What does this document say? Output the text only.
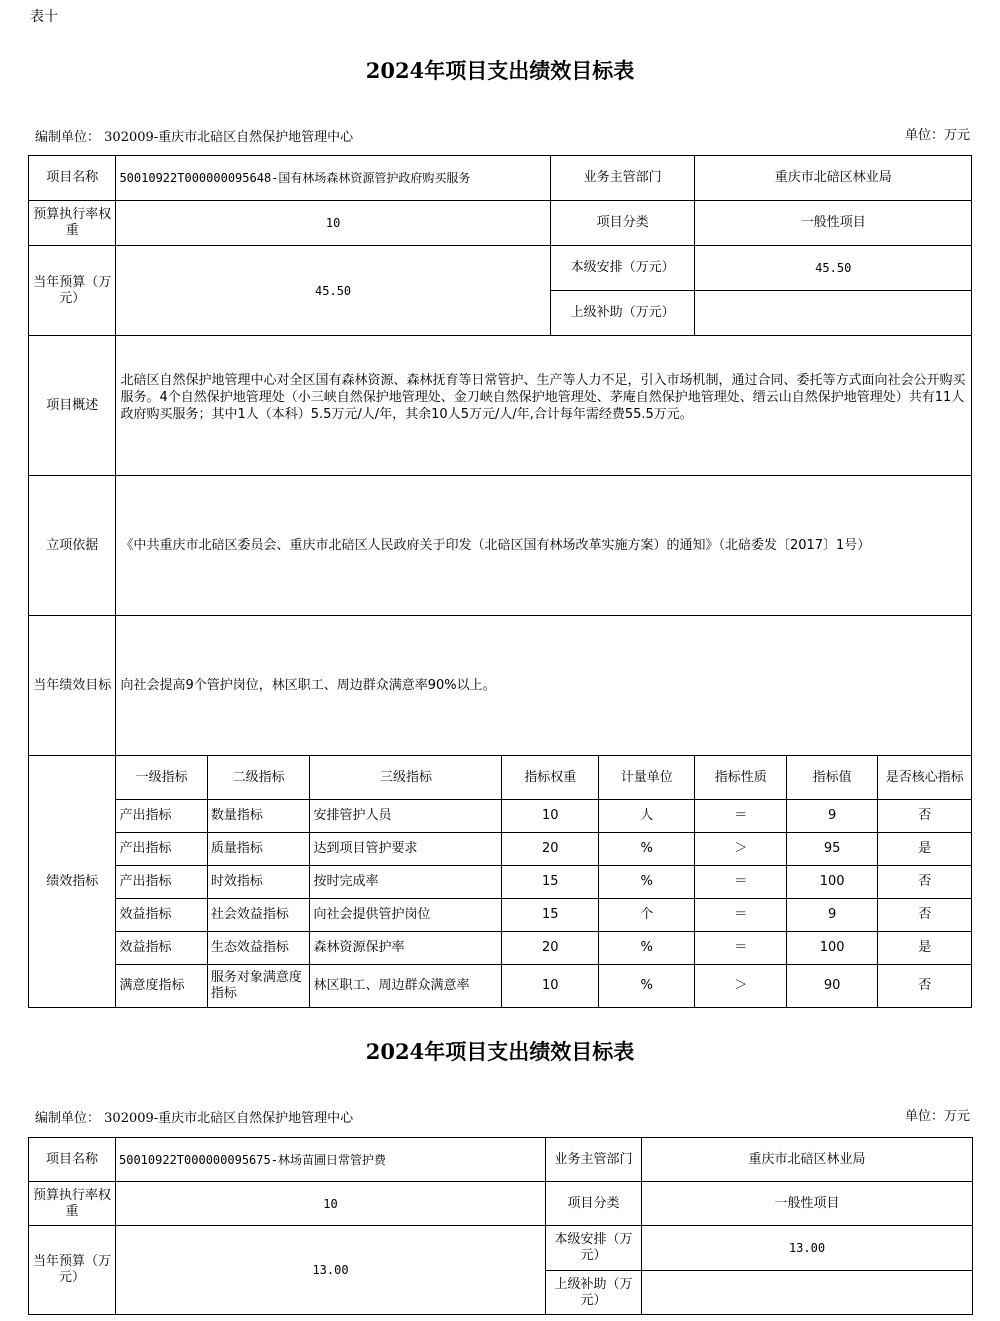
表十
2024年项目支出绩效目标表
编制单位： 302009-重庆市北碚区自然保护地管理中心	单位：万元
项目名称	50010922T000000095648-国有林场森林资源管护政府购买服务				业务主管部门		重庆市北碚区林业局		
预算执行率权重	10				项目分类		一般性项目		
当年预算（万元）	45.50				本级安排（万元）		45.50		
					上级补助（万元）				
项目概述	北碚区自然保护地管理中心对全区国有森林资源、森林抚育等日常管护、生产等人力不足，引入市场机制，通过合同、委托等方式面向社会公开购买服务。4个自然保护地管理处（小三峡自然保护地管理处、金刀峡自然保护地管理处、茅庵自然保护地管理处、缙云山自然保护地管理处）共有11人政府购买服务；其中1人（本科）5.5万元/人/年，其余10人5万元/人/年,合计每年需经费55.5万元。								
立项依据	《中共重庆市北碚区委员会、重庆市北碚区人民政府关于印发（北碚区国有林场改革实施方案）的通知》（北碚委发〔2017〕1号）								
当年绩效目标	向社会提高9个管护岗位，林区职工、周边群众满意率90%以上。								
绩效指标	一级指标	二级指标	三级指标	指标权重		计量单位	指标性质	指标值	是否核心指标
	产出指标	数量指标	安排管护人员	10		人	＝	9	否
	产出指标	质量指标	达到项目管护要求	20		%	＞	95	是
	产出指标	时效指标	按时完成率	15		%	＝	100	否
	效益指标	社会效益指标	向社会提供管护岗位	15		个	＝	9	否
	效益指标	生态效益指标	森林资源保护率	20		%	＝	100	是
	满意度指标	服务对象满意度指标	林区职工、周边群众满意率	10		%	＞	90	否
2024年项目支出绩效目标表
编制单位： 302009-重庆市北碚区自然保护地管理中心	单位：万元
项目名称	50010922T000000095675-林场苗圃日常管护费	业务主管部门	重庆市北碚区林业局
预算执行率权重	10	项目分类	一般性项目
当年预算（万元）	13.00	本级安排（万元）	13.00
		上级补助（万元）	
